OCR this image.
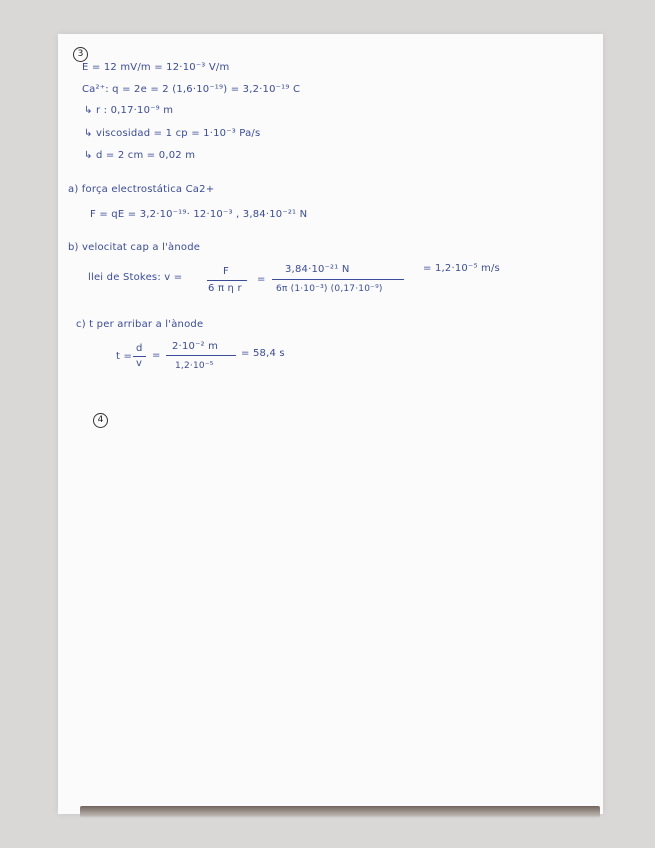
3
E = 12 mV/m = 12·10⁻³ V/m
Ca²⁺: q = 2e = 2 (1,6·10⁻¹⁹) = 3,2·10⁻¹⁹ C
↳ r : 0,17·10⁻⁹ m
↳ viscosidad = 1 cp = 1·10⁻³ Pa/s
↳ d = 2 cm = 0,02 m
a) força electrostática Ca2+
F = qE = 3,2·10⁻¹⁹· 12·10⁻³ , 3,84·10⁻²¹ N
b) velocitat cap a l'ànode
llei de Stokes: v =
F
6 π η r
=
3,84·10⁻²¹ N
6π (1·10⁻³) (0,17·10⁻⁹)
= 1,2·10⁻⁵ m/s
c) t per arribar a l'ànode
t =
d
v
=
2·10⁻² m
1,2·10⁻⁵
= 58,4 s
4
